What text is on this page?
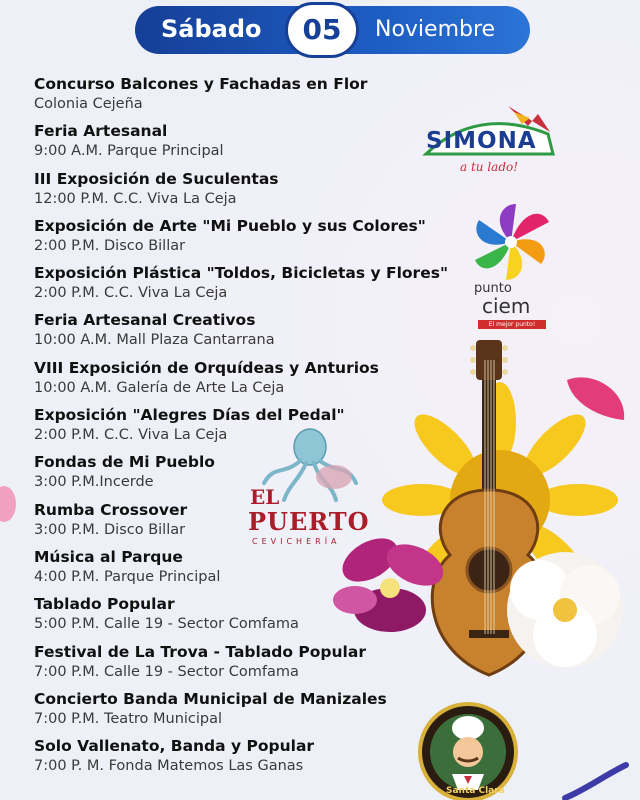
Sábado	05	Noviembre
Concurso Balcones y Fachadas en Flor
Colonia Cejeña
Feria Artesanal
9:00 A.M. Parque Principal
III Exposición de Suculentas
12:00 P.M. C.C. Viva La Ceja
Exposición de Arte "Mi Pueblo y sus Colores"
2:00 P.M. Disco Billar
Exposición Plástica "Toldos, Bicicletas y Flores"
2:00 P.M. C.C. Viva La Ceja
Feria Artesanal Creativos
10:00 A.M. Mall Plaza Cantarrana
VIII Exposición de Orquídeas y Anturios
10:00 A.M. Galería de Arte La Ceja
Exposición "Alegres Días del Pedal"
2:00 P.M. C.C. Viva La Ceja
Fondas de Mi Pueblo
3:00 P.M.Incerde
Rumba Crossover
3:00 P.M. Disco Billar
Música al Parque
4:00 P.M. Parque Principal
Tablado Popular
5:00 P.M. Calle 19 - Sector Comfama
Festival de La Trova - Tablado Popular
7:00 P.M. Calle 19 - Sector Comfama
Concierto Banda Municipal de Manizales
7:00 P.M. Teatro Municipal
Solo Vallenato, Banda y Popular
7:00 P. M. Fonda Matemos Las Ganas
SIMONA
a tu lado!
punto
ciem
El mejor punto!
EL
PUERTO
CEVICHERÍA
Santa Clara
